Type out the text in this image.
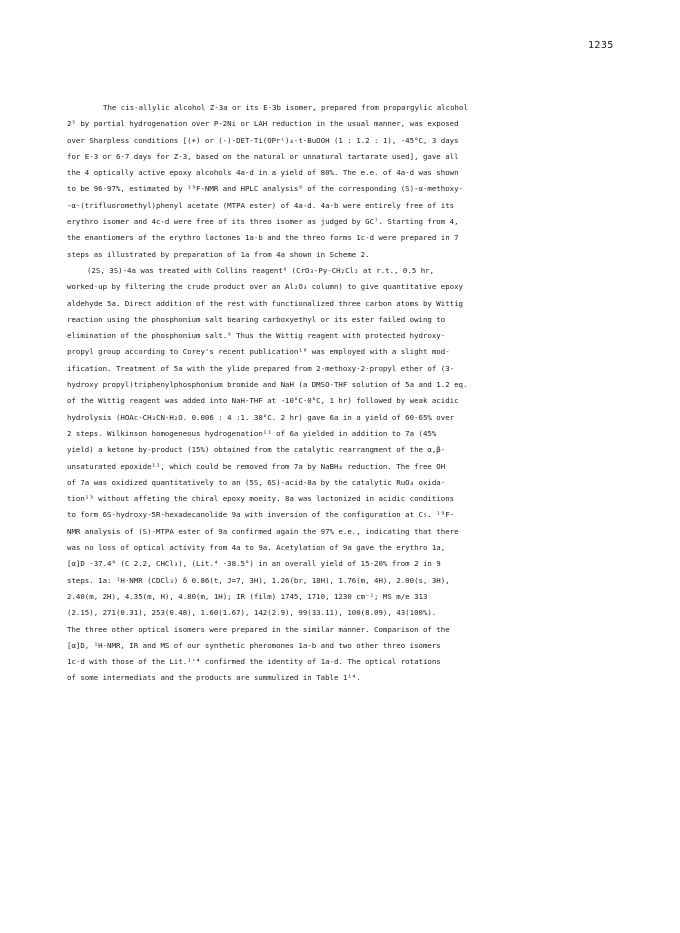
1235
The cis-allylic alcohol Z-3a or its E-3b isomer, prepared from propargylic alcohol
2⁵ by partial hydrogenation over P-2Ni or LAH reduction in the usual manner, was exposed
over Sharpless conditions [(+) or (-)-DET-Ti(OPrⁱ)₄-t-BuOOH (1 : 1.2 : 1), -45°C, 3 days
for E-3 or 6-7 days for Z-3, based on the natural or unnatural tartarate used], gave all
the 4 optically active epoxy alcohols 4a-d in a yield of 80%. The e.e. of 4a-d was shown
to be 96-97%, estimated by ¹⁹F-NMR and HPLC analysis⁶ of the corresponding (S)-α-methoxy-
-α-(trifluoromethyl)phenyl acetate (MTPA ester) of 4a-d. 4a-b were entirely free of its
erythro isomer and 4c-d were free of its threo isomer as judged by GC⁷. Starting from 4,
the enantiomers of the erythro lactones 1a-b and the threo forms 1c-d were prepared in 7
steps as illustrated by preparation of 1a from 4a shown in Scheme 2.
(2S, 3S)-4a was treated with Collins reagent⁸ (CrO₃-Py-CH₂Cl₂ at r.t., 0.5 hr,
worked-up by filtering the crude product over an Al₂O₃ column) to give quantitative epoxy
aldehyde 5a. Direct addition of the rest with functionalized three carbon atoms by Wittig
reaction using the phosphonium salt bearing carboxyethyl or its ester failed owing to
elimination of the phosphonium salt.⁹ Thus the Wittig reagent with protected hydroxy-
propyl group according to Corey's recent publication¹⁰ was employed with a slight mod-
ification. Treatment of 5a with the ylide prepared from 2-methoxy-2-propyl ether of (3-
hydroxy propyl)triphenylphosphonium bromide and NaH (a DMSO-THF solution of 5a and 1.2 eq.
of the Wittig reagent was added into NaH-THF at -10°C-0°C, 1 hr) followed by weak acidic
hydrolysis (HOAc-CH₃CN-H₂O. 0.006 : 4 :1. 30°C. 2 hr) gave 6a in a yield of 60-65% over
2 steps. Wilkinson homogeneous hydrogenation¹¹ of 6a yielded in addition to 7a (45%
yield) a ketone by-product (15%) obtained from the catalytic rearrangment of the α,β-
unsaturated epoxide¹², which could be removed from 7a by NaBH₄ reduction. The free OH
of 7a was oxidized quantitatively to an (5S, 6S)-acid-8a by the catalytic RuO₄ oxida-
tion¹³ without affeting the chiral epoxy moeity. 8a was lactonized in acidic conditions
to form 6S-hydroxy-5R-hexadecanolide 9a with inversion of the configuration at C₅. ¹⁹F-
NMR analysis of (S)-MTPA ester of 9a confirmed again the 97% e.e., indicating that there
was no loss of optical activity from 4a to 9a. Acetylation of 9a gave the erythro 1a,
[α]D -37.4° (C 2.2, CHCl₃), (Lit.⁴ -38.5°) in an overall yield of 15-20% from 2 in 9
steps. 1a: ¹H-NMR (CDCl₃) δ 0.86(t, J=7, 3H), 1.26(br, 18H), 1.76(m, 4H), 2.00(s, 3H),
2.40(m, 2H), 4.35(m, H), 4.80(m, 1H); IR (film) 1745, 1710, 1230 cm⁻¹; MS m/e 313
(2.15), 271(0.31), 253(0.48), 1.60(1.67), 142(2.9), 99(33.11), 100(8.09), 43(100%).
The three other optical isomers were prepared in the similar manner. Comparison of the
[α]D, ¹H-NMR, IR and MS of our synthetic pheromones 1a-b and two other threo isomers
1c-d with those of the Lit.¹'⁴ confirmed the identity of 1a-d. The optical rotations
of some intermediats and the products are summulized in Table 1¹⁴.
